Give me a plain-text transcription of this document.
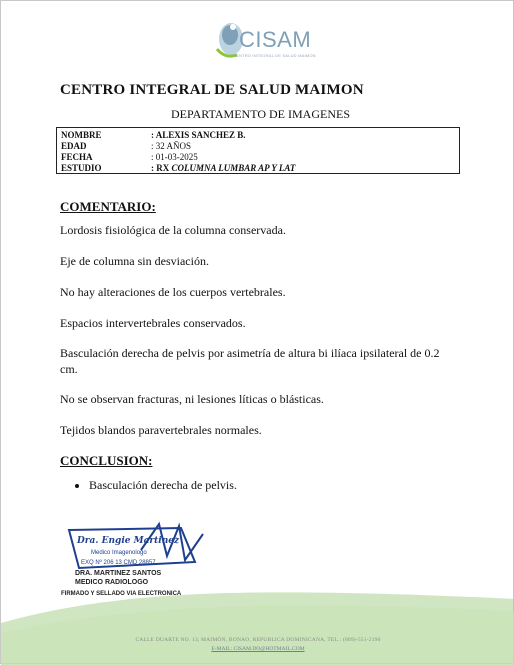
CISAM
CENTRO INTEGRAL DE SALUD MAIMON
CENTRO INTEGRAL DE SALUD MAIMON
DEPARTAMENTO DE IMAGENES
NOMBRE	: ALEXIS SANCHEZ B.
EDAD	: 32 AÑOS
FECHA	: 01-03-2025
ESTUDIO	: RX COLUMNA LUMBAR AP Y LAT
COMENTARIO:
Lordosis fisiológica de la columna conservada.
Eje de columna sin desviación.
No hay alteraciones de los cuerpos vertebrales.
Espacios intervertebrales conservados.
Basculación derecha de pelvis por asimetría de altura bi ilíaca ipsilateral de 0.2 cm.
No se observan fracturas, ni lesiones líticas o blásticas.
Tejidos blandos paravertebrales normales.
CONCLUSION:
Basculación derecha de pelvis.
Dra. Engie Martinez
Medico Imagenologo
EXQ Nº 206 13 CMD 28857
DRA. MARTINEZ SANTOS
MEDICO RADIOLOGO
FIRMADO Y SELLADO VIA ELECTRONICA
CALLE DUARTE NO. 13, MAIMÓN, BONAO, REPUBLICA DOMINICANA, TEL.: (809)-551-2196
E-MAIL: CISAM.DO@HOTMAIL.COM
